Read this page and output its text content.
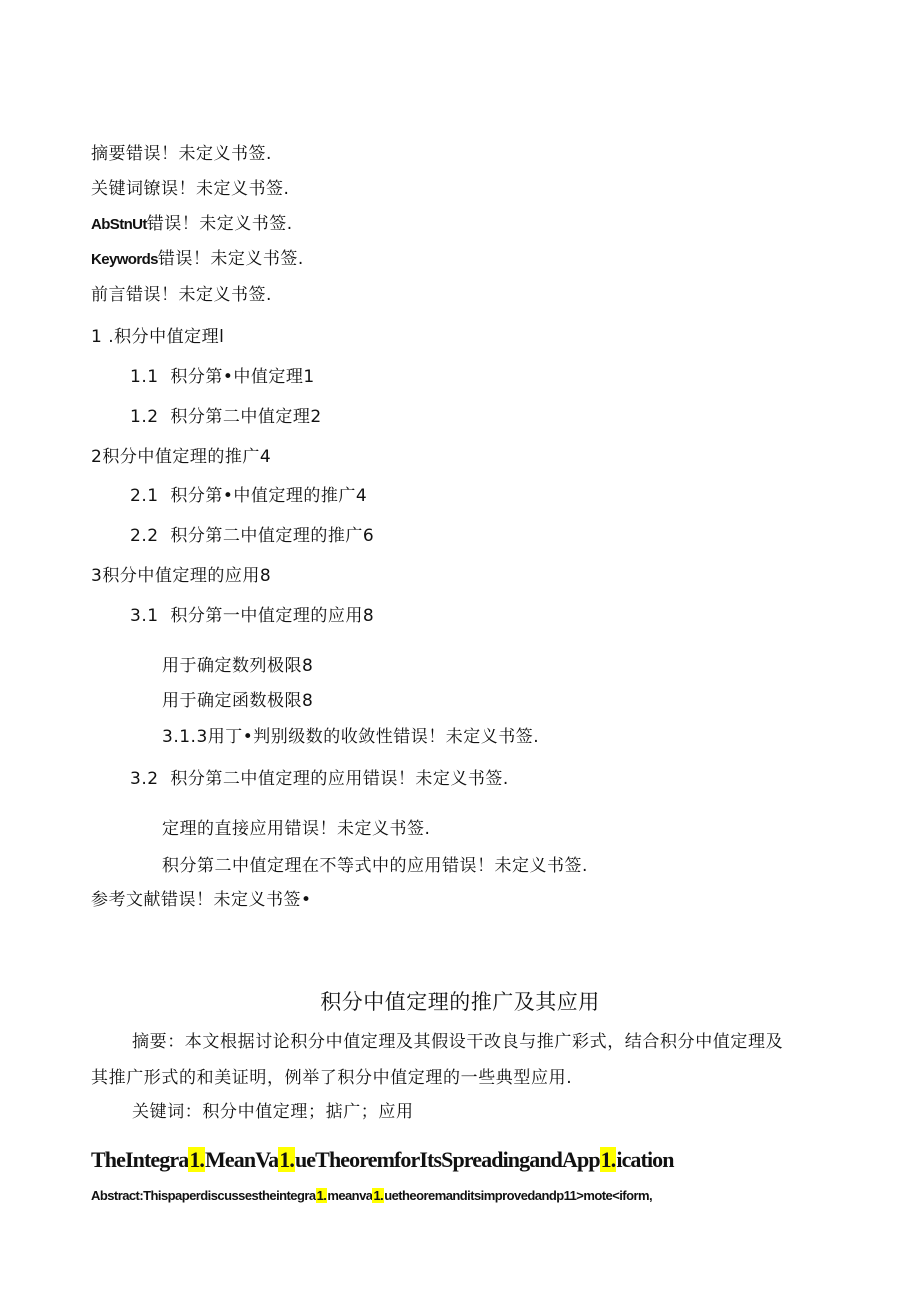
摘要错误！未定义书签.
关键词镣误！未定义书签.
AbStnUt错误！未定义书签.
Keywords错误！未定义书签.
前言错误！未定义书签.
1 .积分中值定理l
1.1  积分第•中值定理1
1.2  积分第二中值定理2
2积分中值定理的推广4
2.1  积分第•中值定理的推广4
2.2  积分第二中值定理的推广6
3积分中值定理的应用8
3.1  积分第一中值定理的应用8
用于确定数列极限8
用于确定函数极限8
3.1.3用丁•判别级数的收敛性错误！未定义书签.
3.2  积分第二中值定理的应用错误！未定义书签.
定理的直接应用错误！未定义书签.
积分第二中值定理在不等式中的应用错误！未定义书签.
参考文献错误！未定义书签•
积分中值定理的推广及其应用
摘要：本文根据讨论积分中值定理及其假设干改良与推广彩式，结合积分中值定理及
其推广形式的和美证明，例举了积分中值定理的一些典型应用.
关键词：积分中值定理；掂广；应用
TheIntegra1.MeanVa1.ueTheoremforItsSpreadingandApp1.ication
Abstract:Thispaperdiscussestheintegra1.meanva1.uetheoremanditsimprovedandp11>mote<iform,
